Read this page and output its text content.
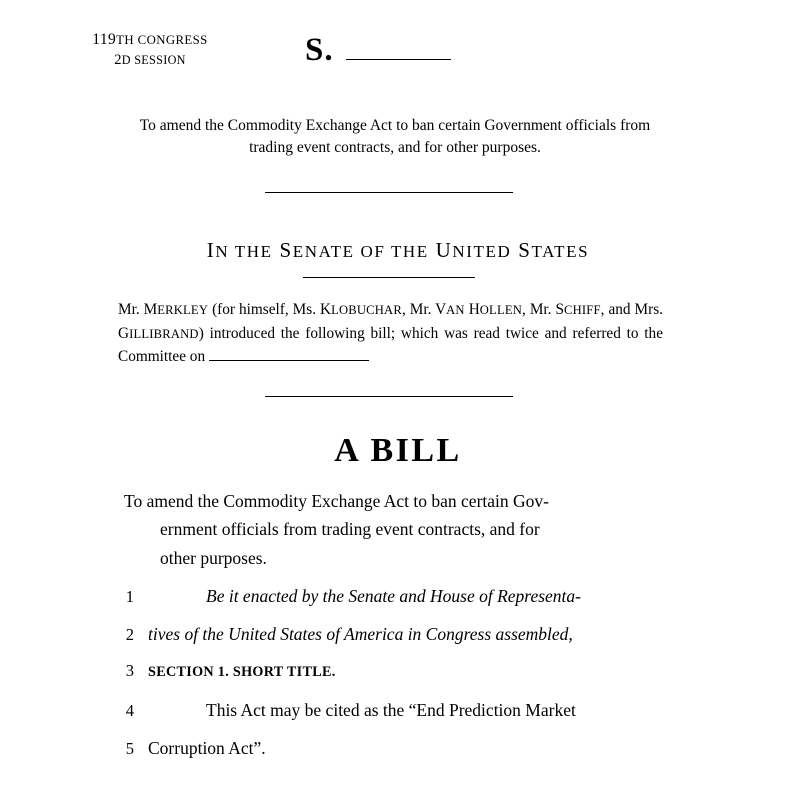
119TH CONGRESS
2D SESSION	S.
To amend the Commodity Exchange Act to ban certain Government officials from trading event contracts, and for other purposes.
IN THE SENATE OF THE UNITED STATES
Mr. MERKLEY (for himself, Ms. KLOBUCHAR, Mr. VAN HOLLEN, Mr. SCHIFF, and Mrs. GILLIBRAND) introduced the following bill; which was read twice and referred to the Committee on
A BILL
To amend the Commodity Exchange Act to ban certain Gov-
ernment officials from trading event contracts, and for
other purposes.
1	Be it enacted by the Senate and House of Representa-
2 tives of the United States of America in Congress assembled,
3 SECTION 1. SHORT TITLE.
4	This Act may be cited as the “End Prediction Market
5 Corruption Act”.
